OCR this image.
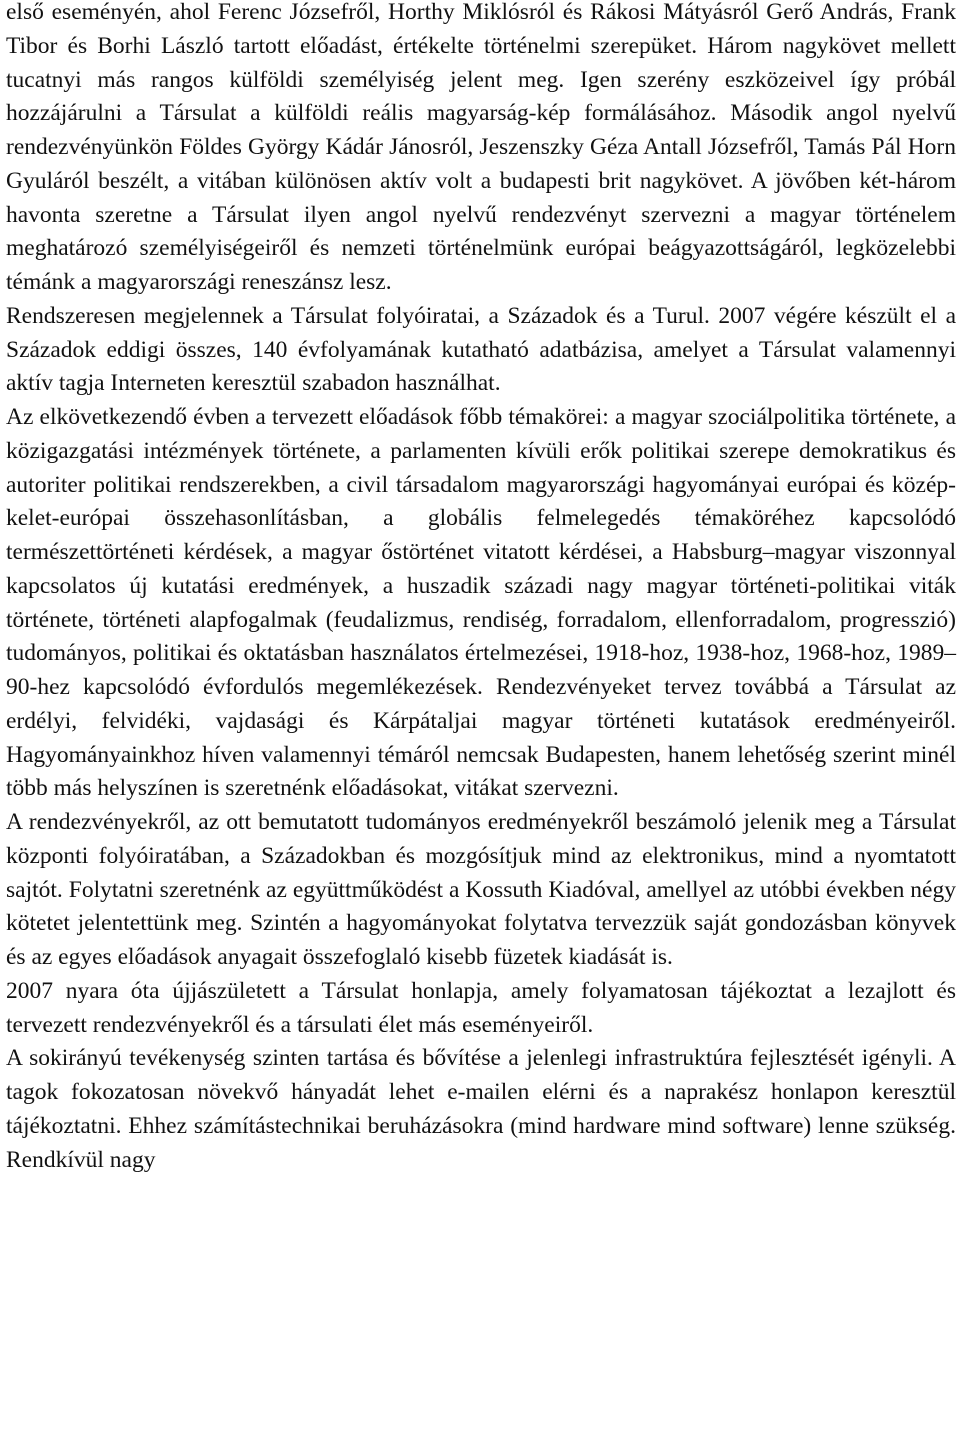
első eseményén, ahol Ferenc Józsefről, Horthy Miklósról és Rákosi Mátyásról Gerő András, Frank Tibor és Borhi László tartott előadást, értékelte történelmi szerepüket. Három nagykövet mellett tucatnyi más rangos külföldi személyiség jelent meg. Igen szerény eszközeivel így próbál hozzájárulni a Társulat a külföldi reális magyarság-kép formálásához. Második angol nyelvű rendezvényünkön Földes György Kádár Jánosról, Jeszenszky Géza Antall Józsefről, Tamás Pál Horn Gyuláról beszélt, a vitában különösen aktív volt a budapesti brit nagykövet. A jövőben két-három havonta szeretne a Társulat ilyen angol nyelvű rendezvényt szervezni a magyar történelem meghatározó személyiségeiről és nemzeti történelmünk európai beágyazottságáról, legközelebbi témánk a magyarországi reneszánsz lesz.

Rendszeresen megjelennek a Társulat folyóiratai, a Századok és a Turul. 2007 végére készült el a Századok eddigi összes, 140 évfolyamának kutatható adatbázisa, amelyet a Társulat valamennyi aktív tagja Interneten keresztül szabadon használhat.

Az elkövetkezendő évben a tervezett előadások főbb témakörei: a magyar szociálpolitika története, a közigazgatási intézmények története, a parlamenten kívüli erők politikai szerepe demokratikus és autoriter politikai rendszerekben, a civil társadalom magyarországi hagyományai európai és közép-kelet-európai összehasonlításban, a globális felmelegedés témaköréhez kapcsolódó természettörténeti kérdések, a magyar őstörténet vitatott kérdései, a Habsburg–magyar viszonnyal kapcsolatos új kutatási eredmények, a huszadik századi nagy magyar történeti-politikai viták története, történeti alapfogalmak (feudalizmus, rendiség, forradalom, ellenforradalom, progresszió) tudományos, politikai és oktatásban használatos értelmezései, 1918-hoz, 1938-hoz, 1968-hoz, 1989–90-hez kapcsolódó évfordulós megemlékezések. Rendezvényeket tervez továbbá a Társulat az erdélyi, felvidéki, vajdasági és Kárpátaljai magyar történeti kutatások eredményeiről. Hagyományainkhoz híven valamennyi témáról nemcsak Budapesten, hanem lehetőség szerint minél több más helyszínen is szeretnénk előadásokat, vitákat szervezni.

A rendezvényekről, az ott bemutatott tudományos eredményekről beszámoló jelenik meg a Társulat központi folyóiratában, a Századokban és mozgósítjuk mind az elektronikus, mind a nyomtatott sajtót. Folytatni szeretnénk az együttműködést a Kossuth Kiadóval, amellyel az utóbbi években négy kötetet jelentettünk meg. Szintén a hagyományokat folytatva tervezzük saját gondozásban könyvek és az egyes előadások anyagait összefoglaló kisebb füzetek kiadását is.

2007 nyara óta újjászületett a Társulat honlapja, amely folyamatosan tájékoztat a lezajlott és tervezett rendezvényekről és a társulati élet más eseményeiről.

A sokirányú tevékenység szinten tartása és bővítése a jelenlegi infrastruktúra fejlesztését igényli. A tagok fokozatosan növekvő hányadát lehet e-mailen elérni és a naprakész honlapon keresztül tájékoztatni. Ehhez számítástechnikai beruházásokra (mind hardware mind software) lenne szükség. Rendkívül nagy
